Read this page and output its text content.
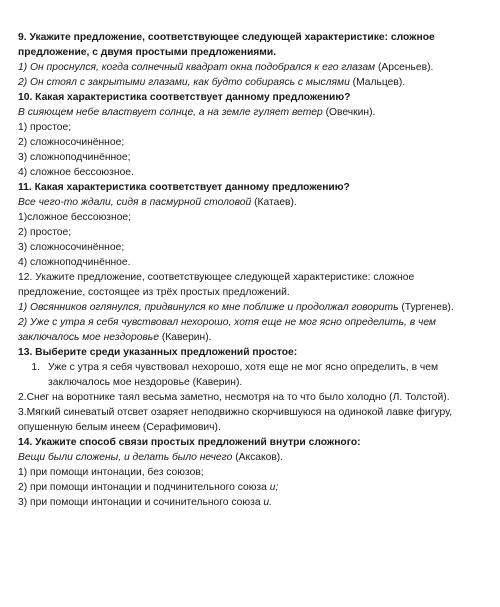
9. Укажите предложение, соответствующее следующей характеристике: сложное предложение, с двумя простыми предложениями.

1) Он проснулся, когда солнечный квадрат окна подобрался к его глазам (Арсеньев).

2) Он стоял с закрытыми глазами, как будто собираясь с мыслями (Мальцев).

10. Какая характеристика соответствует данному предложению?

В сияющем небе властвует солнце, а на земле гуляет ветер (Овечкин).

1) простое;

2) сложносочинённое;

3) сложноподчинённое;

4) сложное бессоюзное.

11. Какая характеристика соответствует данному предложению?

Все чего-то ждали, сидя в пасмурной столовой (Катаев).

1)сложное бессоюзное;

2) простое;

3) сложносочинённое;

4) сложноподчинённое.

12. Укажите предложение, соответствующее следующей характеристике: сложное предложение, состоящее из трёх простых предложений.

1) Овсянников оглянулся, придвинулся ко мне поближе и продолжал говорить (Тургенев).

2) Уже с утра я себя чувствовал нехорошо, хотя еще не мог ясно определить, в чем заключалось мое нездоровье (Каверин).

13. Выберите среди указанных предложений простое:

1. Уже с утра я себя чувствовал нехорошо, хотя еще не мог ясно определить, в чем заключалось мое нездоровье (Каверин).

2.Снег на воротнике таял весьма заметно, несмотря на то что было холодно (Л. Толстой).

3.Мягкий синеватый отсвет озаряет неподвижно скорчившуюся на одинокой лавке фигуру, опушенную белым инеем (Серафимович).

14. Укажите способ связи простых предложений внутри сложного:

Вещи были сложены, и делать было нечего (Аксаков).

1) при помощи интонации, без союзов;

2) при помощи интонации и подчинительного союза и;

3) при помощи интонации и сочинительного союза и.
